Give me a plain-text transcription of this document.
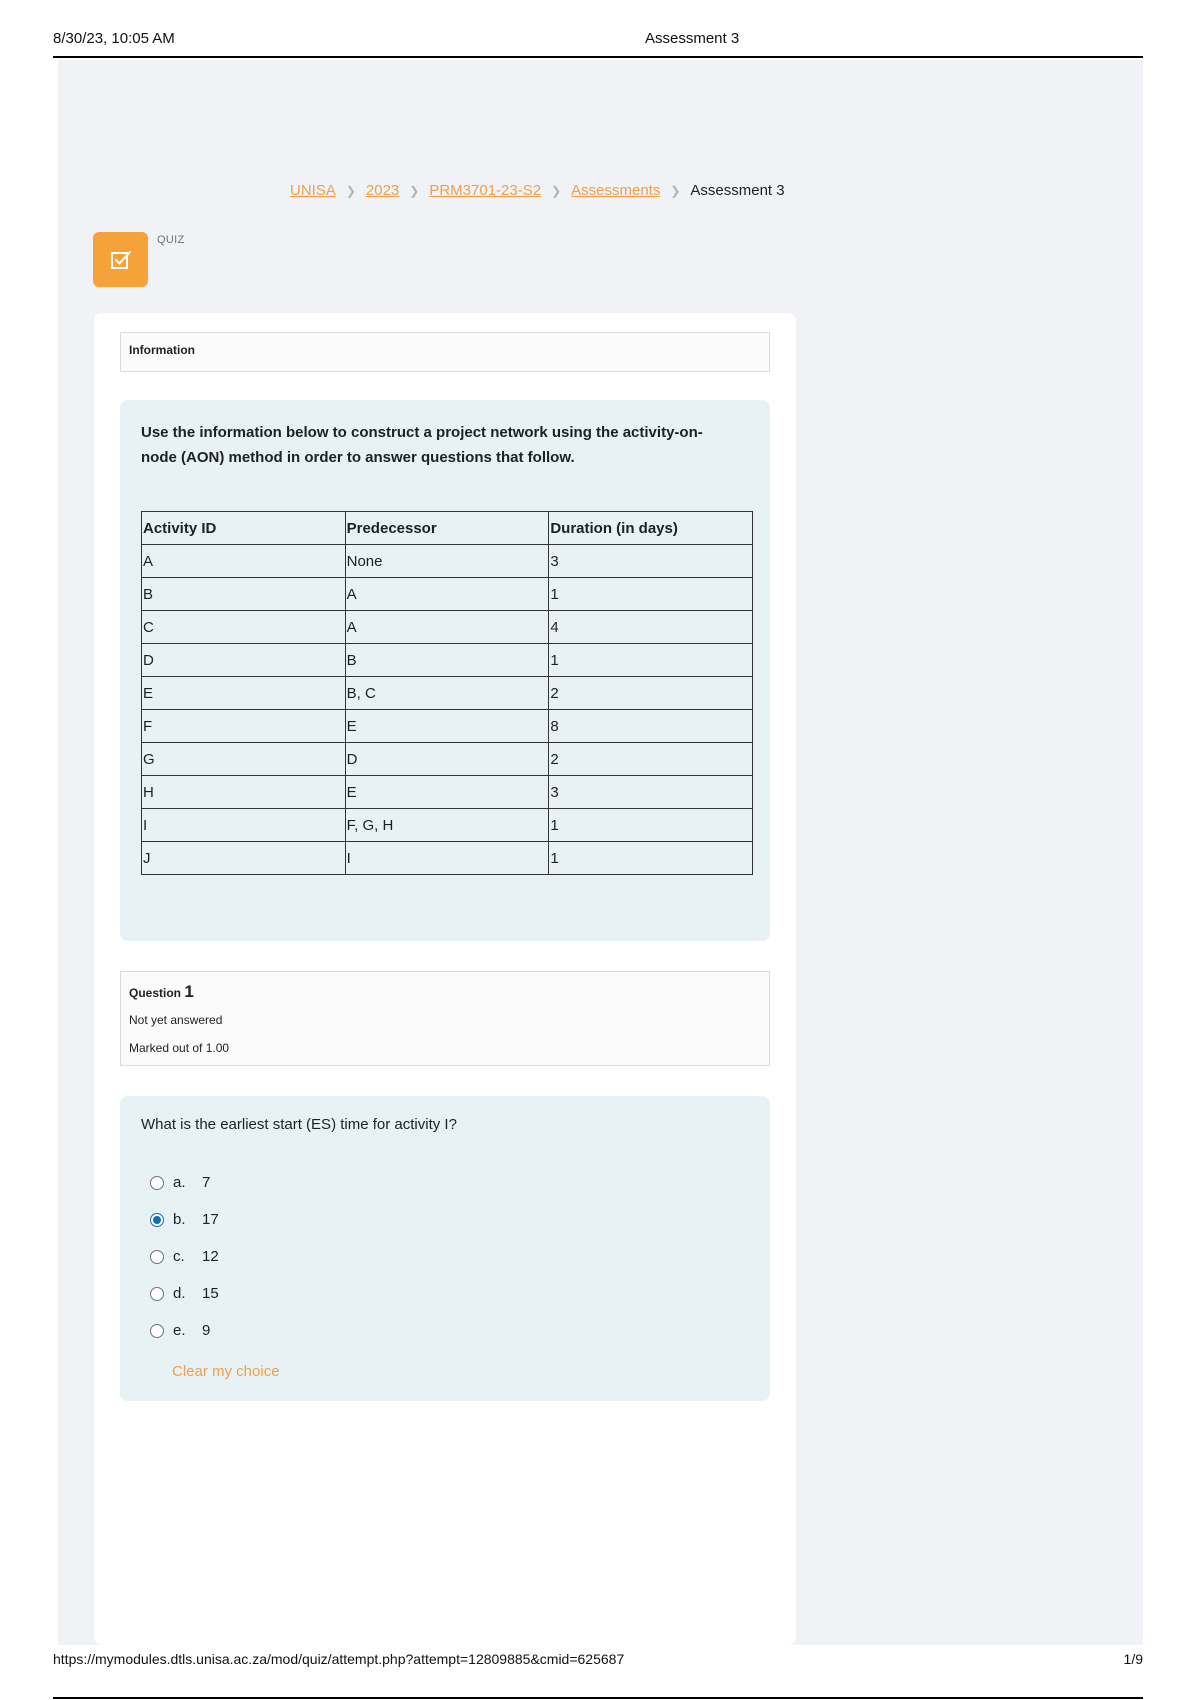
8/30/23, 10:05 AM	Assessment 3
UNISA ❯ 2023 ❯ PRM3701-23-S2 ❯ Assessments ❯ Assessment 3
QUIZ
Information

Use the information below to construct a project network using the activity-on-node (AON) method in order to answer questions that follow.

Activity ID	Predecessor	Duration (in days)
A	None	3
B	A	1
C	A	4
D	B	1
E	B, C	2
F	E	8
G	D	2
H	E	3
I	F, G, H	1
J	I	1
Question 1
Not yet answered
Marked out of 1.00

What is the earliest start (ES) time for activity I?

a.	7
b.	17
c.	12
d.	15
e.	9
Clear my choice
https://mymodules.dtls.unisa.ac.za/mod/quiz/attempt.php?attempt=12809885&cmid=625687	1/9
